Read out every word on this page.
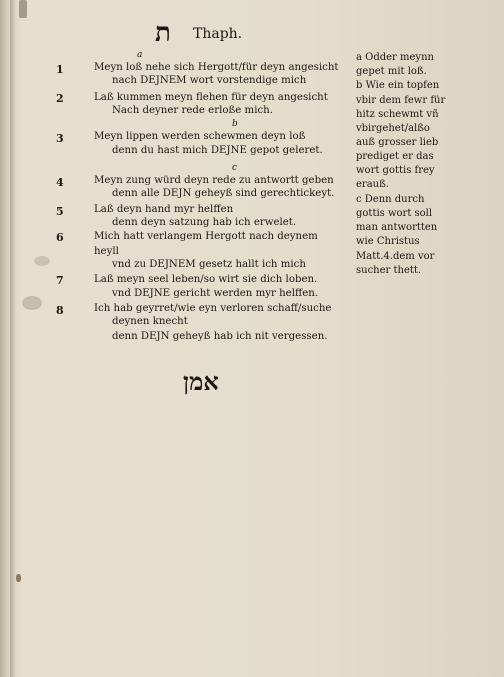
ת Thaph.
1
2
3
4
5
6
7
8
a
b
c
Meyn loß nehe sich Hergott/für deyn angesicht
nach DEJNEM wort vorstendige mich
Laß kummen meyn flehen für deyn angesicht
Nach deyner rede erloße mich.
Meyn lippen werden schewmen deyn loß
denn du hast mich DEJNE gepot geleret.
Meyn zung würd deyn rede zu antwortt geben
denn alle DEJN geheyß sind gerechtickeyt.
Laß deyn hand myr helffen
denn deyn satzung hab ich erwelet.
Mich hatt verlangem Hergott nach deynem
heyll
vnd zu DEJNEM gesetz hallt ich mich
Laß meyn seel leben/so wirt sie dich loben.
vnd DEJNE gericht werden myr helffen.
Ich hab geyrret/wie eyn verloren schaff/suche
deynen knecht
denn DEJN geheyß hab ich nit vergessen.
a Odder meynn
gepet mit loß.
b Wie ein topfen
vbir dem fewr für
hitz schewmt vñ
vbirgehet/alßo
auß grosser lieb
prediget er das
wort gottis frey
erauß.
c Denn durch
gottis wort soll
man antwortten
wie Christus
Matt.4.dem vor
sucher thett.
אמן
